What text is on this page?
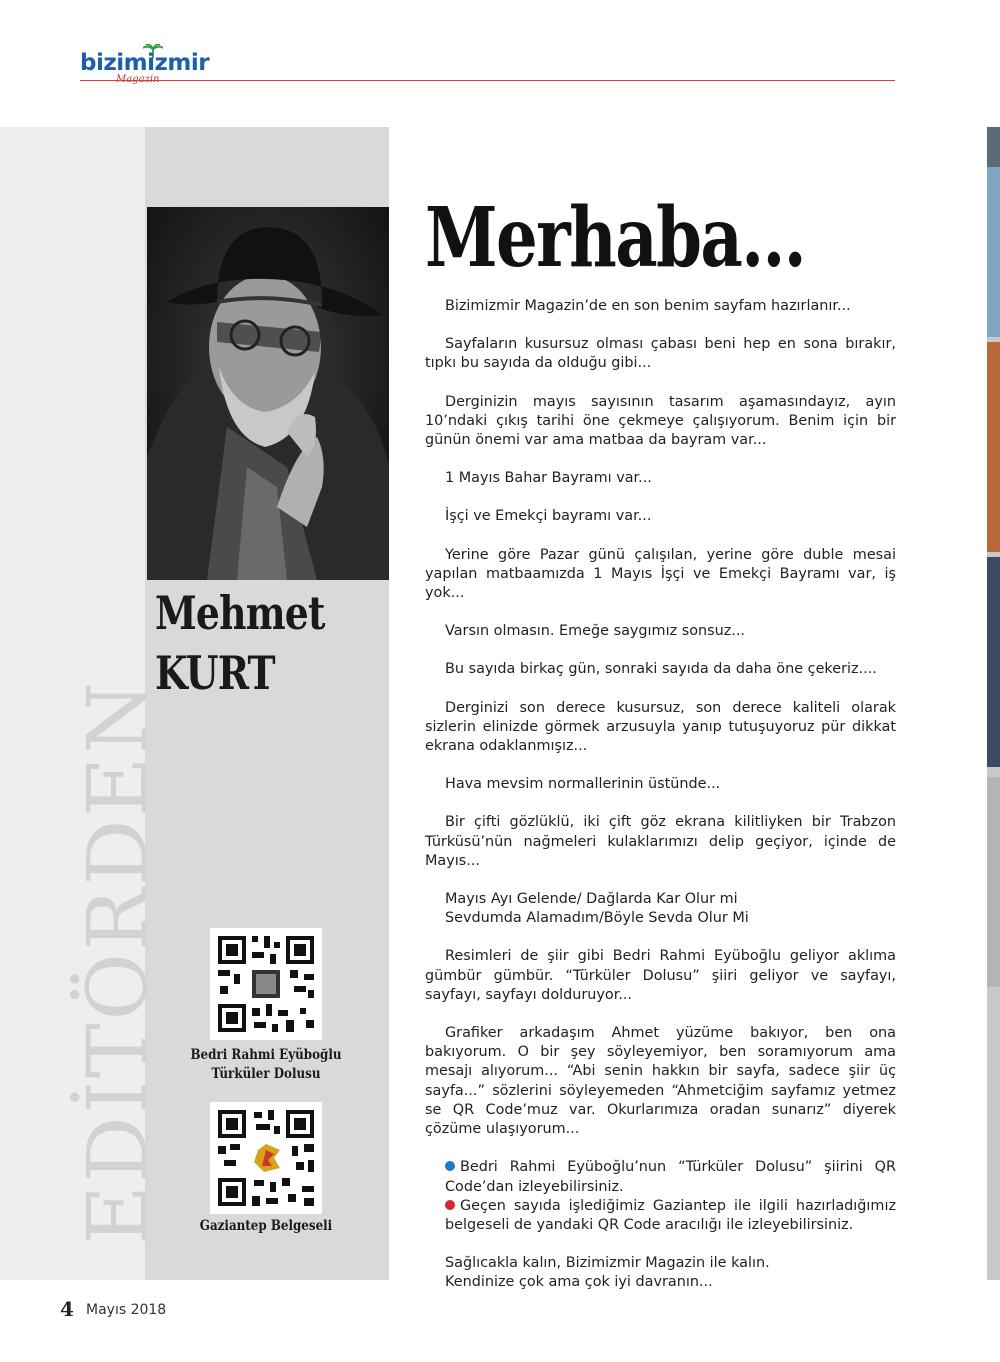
bizimizmir
Mehmet
KURT
EDİTÖRDEN	Bedri Rahmi Eyüboğlu
Türküler Dolusu
Gaziantep Belgeseli
Merhaba...

Bizimizmir Magazin’de en son benim sayfam hazırlanır...

Sayfaların kusursuz olması çabası beni hep en sona bırakır, tıpkı bu sayıda da olduğu gibi...

Derginizin mayıs sayısının tasarım aşamasındayız, ayın 10’ndaki çıkış tarihi öne çekmeye çalışıyorum. Benim için bir günün önemi var ama matbaa da bayram var...

1 Mayıs Bahar Bayramı var...

İşçi ve Emekçi bayramı var...

Yerine göre Pazar günü çalışılan, yerine göre duble mesai yapılan matbaamızda 1 Mayıs İşçi ve Emekçi Bayramı var, iş yok...

Varsın olmasın. Emeğe saygımız sonsuz...

Bu sayıda birkaç gün, sonraki sayıda da daha öne çekeriz....

Derginizi son derece kusursuz, son derece kaliteli olarak sizlerin elinizde görmek arzusuyla yanıp tutuşuyoruz pür dikkat ekrana odaklanmışız...

Hava mevsim normallerinin üstünde...

Bir çifti gözlüklü, iki çift göz ekrana kilitliyken bir Trabzon Türküsü’nün nağmeleri kulaklarımızı delip geçiyor, içinde de Mayıs...

Mayıs Ayı Gelende/ Dağlarda Kar Olur mi

Sevdumda Alamadım/Böyle Sevda Olur Mi

Resimleri de şiir gibi Bedri Rahmi Eyüboğlu geliyor aklıma gümbür gümbür. “Türküler Dolusu” şiiri geliyor ve sayfayı, sayfayı, sayfayı dolduruyor...

Grafiker arkadaşım Ahmet yüzüme bakıyor, ben ona bakıyorum. O bir şey söyleyemiyor, ben soramıyorum ama mesajı alıyorum... “Abi senin hakkın bir sayfa, sadece şiir üç sayfa...” sözlerini söyleyemeden “Ahmetciğim sayfamız yetmez se QR Code’muz var. Okurlarımıza oradan sunarız” diyerek çözüme ulaşıyorum...

Bedri Rahmi Eyüboğlu’nun “Türküler Dolusu” şiirini QR Code’dan izleyebilirsiniz.

Geçen sayıda işlediğimiz Gaziantep ile ilgili hazırladığımız belgeseli de yandaki QR Code aracılığı ile izleyebilirsiniz.

Sağlıcakla kalın, Bizimizmir Magazin ile kalın.

Kendinize çok ama çok iyi davranın...

4 Mayıs 2018
